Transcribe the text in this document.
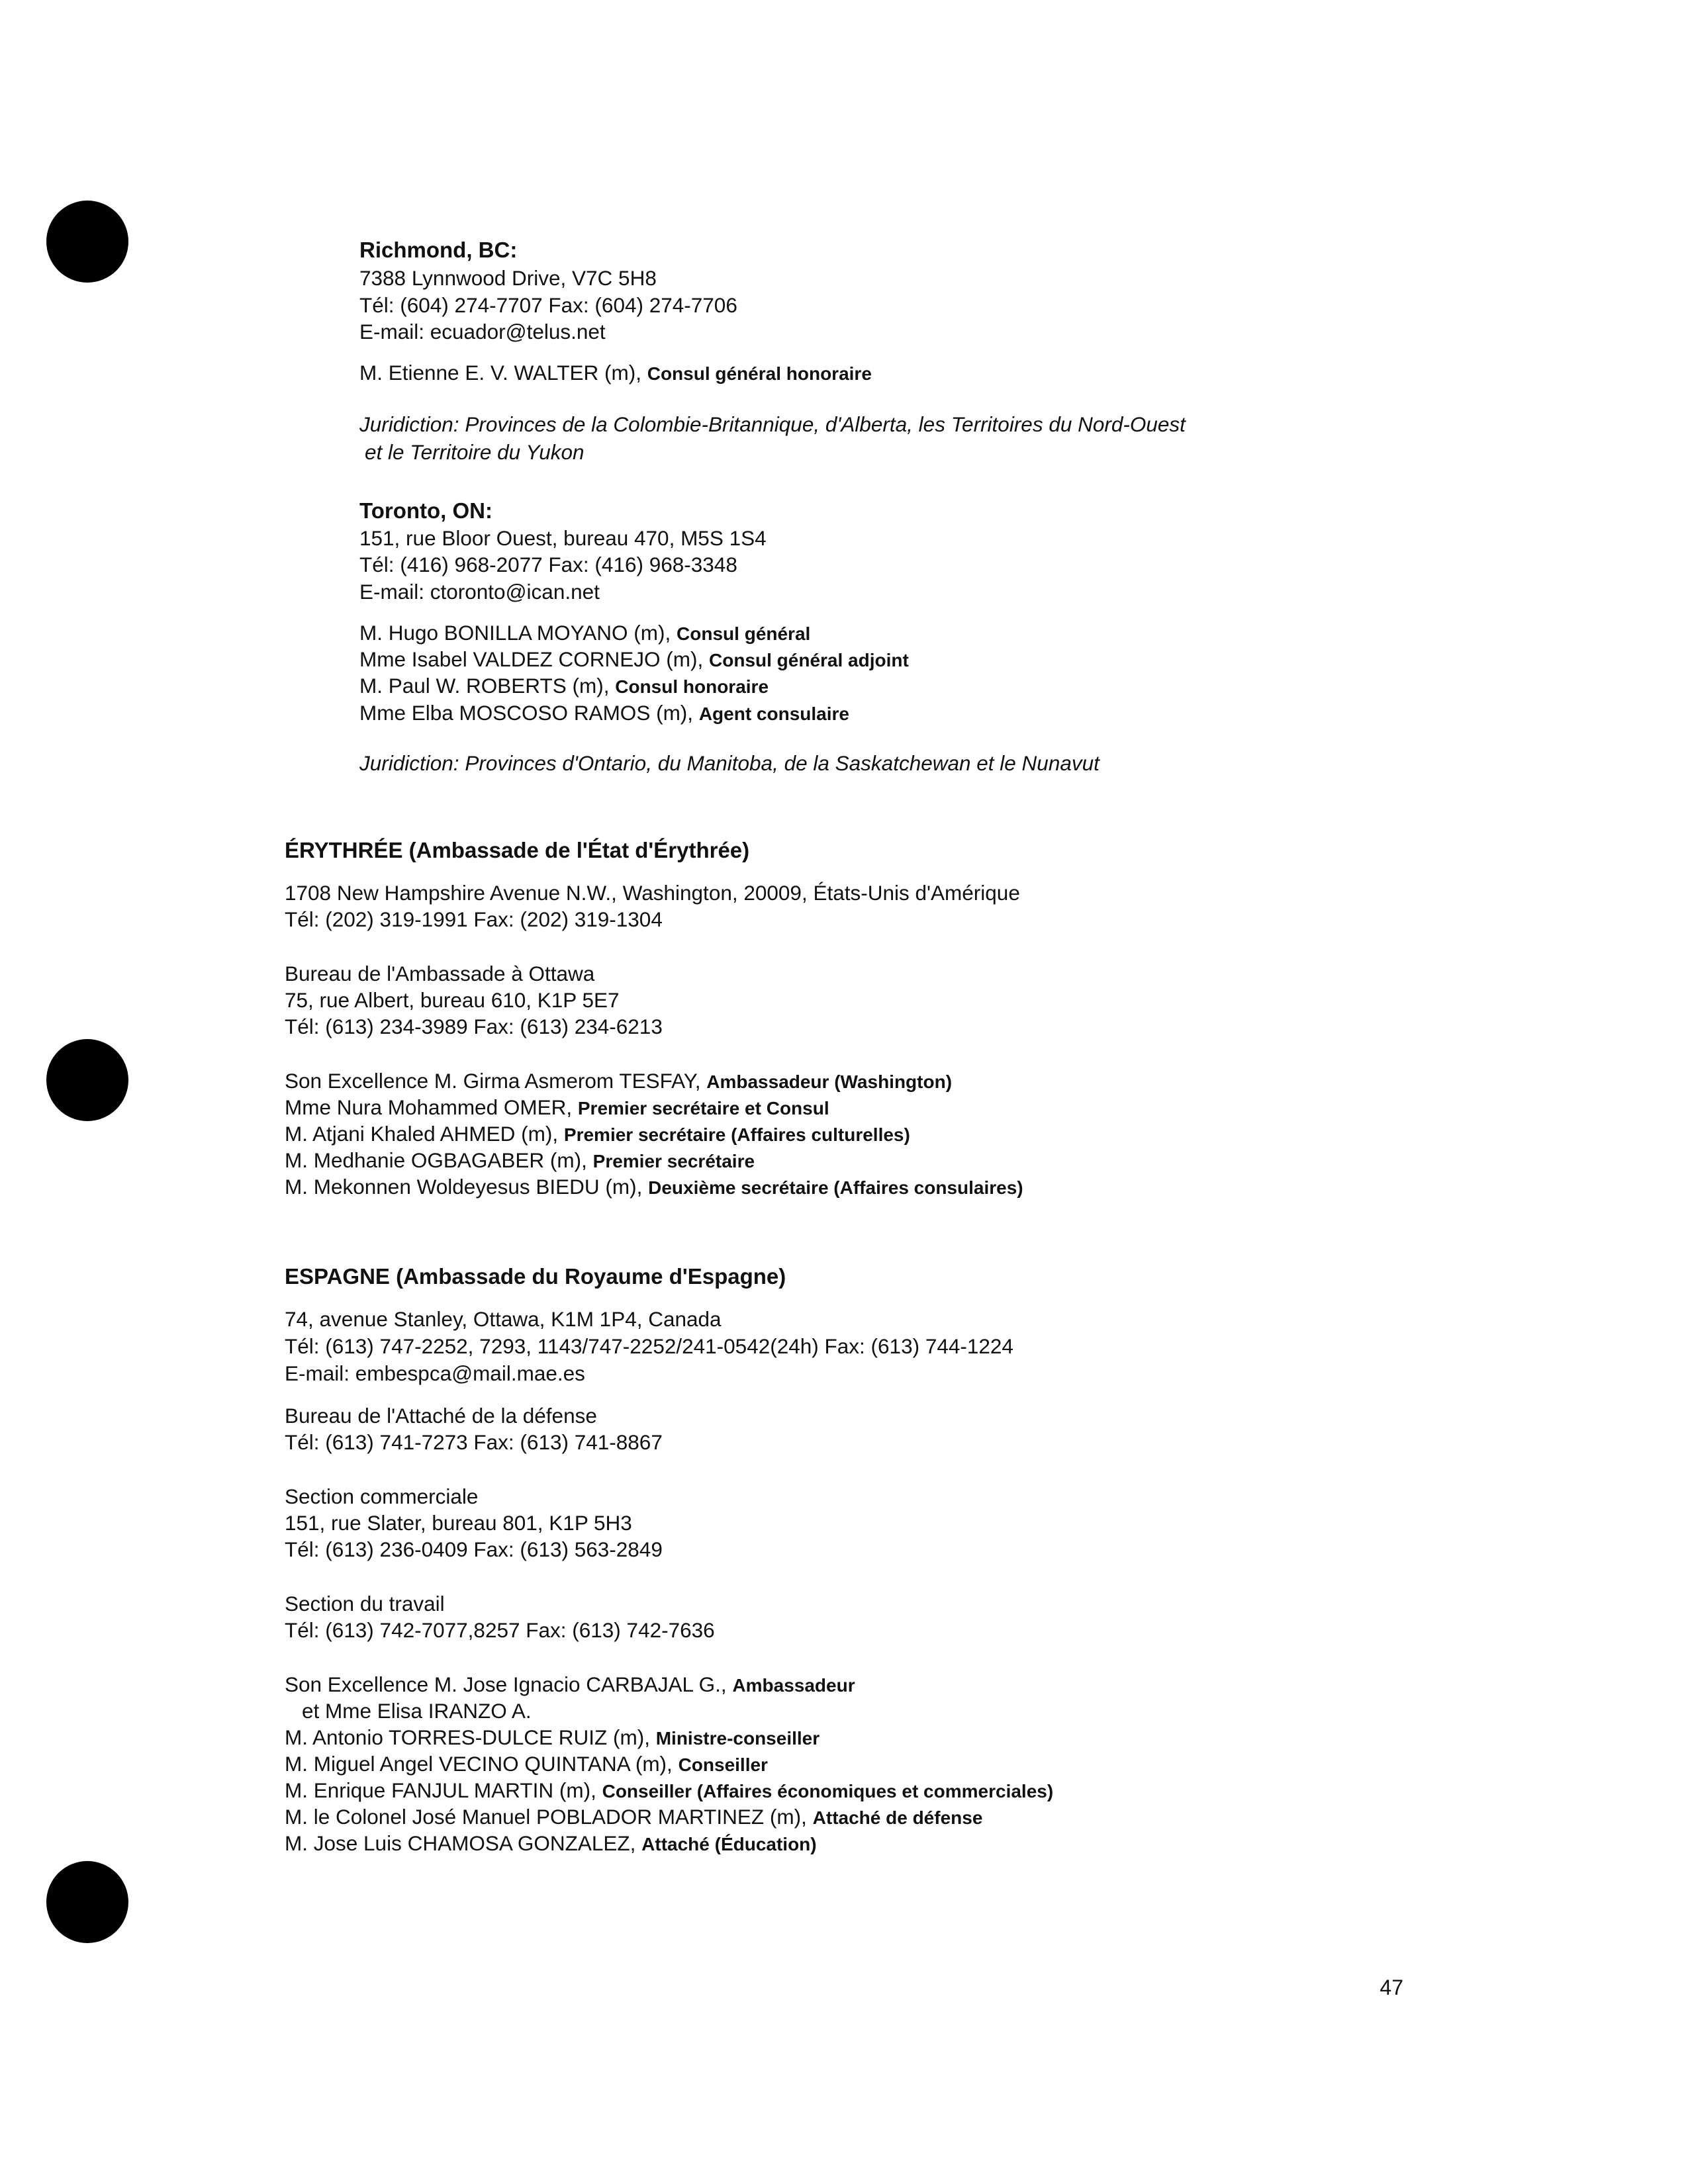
Richmond, BC:
7388 Lynnwood Drive, V7C 5H8
Tél: (604) 274-7707 Fax: (604) 274-7706
E-mail: ecuador@telus.net
M. Etienne E. V. WALTER (m), Consul général honoraire
Juridiction: Provinces de la Colombie-Britannique, d'Alberta, les Territoires du Nord-Ouest
et le Territoire du Yukon
Toronto, ON:
151, rue Bloor Ouest, bureau 470, M5S 1S4
Tél: (416) 968-2077 Fax: (416) 968-3348
E-mail: ctoronto@ican.net
M. Hugo BONILLA MOYANO (m), Consul général
Mme Isabel VALDEZ CORNEJO (m), Consul général adjoint
M. Paul W. ROBERTS (m), Consul honoraire
Mme Elba MOSCOSO RAMOS (m), Agent consulaire
Juridiction: Provinces d'Ontario, du Manitoba, de la Saskatchewan et le Nunavut
ÉRYTHRÉE (Ambassade de l'État d'Érythrée)
1708 New Hampshire Avenue N.W., Washington, 20009, États-Unis d'Amérique
Tél: (202) 319-1991 Fax: (202) 319-1304
Bureau de l'Ambassade à Ottawa
75, rue Albert, bureau 610, K1P 5E7
Tél: (613) 234-3989 Fax: (613) 234-6213
Son Excellence M. Girma Asmerom TESFAY, Ambassadeur (Washington)
Mme Nura Mohammed OMER, Premier secrétaire et Consul
M. Atjani Khaled AHMED (m), Premier secrétaire (Affaires culturelles)
M. Medhanie OGBAGABER (m), Premier secrétaire
M. Mekonnen Woldeyesus BIEDU (m), Deuxième secrétaire (Affaires consulaires)
ESPAGNE (Ambassade du Royaume d'Espagne)
74, avenue Stanley, Ottawa, K1M 1P4, Canada
Tél: (613) 747-2252, 7293, 1143/747-2252/241-0542(24h) Fax: (613) 744-1224
E-mail: embespca@mail.mae.es
Bureau de l'Attaché de la défense
Tél: (613) 741-7273 Fax: (613) 741-8867
Section commerciale
151, rue Slater, bureau 801, K1P 5H3
Tél: (613) 236-0409 Fax: (613) 563-2849
Section du travail
Tél: (613) 742-7077,8257 Fax: (613) 742-7636
Son Excellence M. Jose Ignacio CARBAJAL G., Ambassadeur
et Mme Elisa IRANZO A.
M. Antonio TORRES-DULCE RUIZ (m), Ministre-conseiller
M. Miguel Angel VECINO QUINTANA (m), Conseiller
M. Enrique FANJUL MARTIN (m), Conseiller (Affaires économiques et commerciales)
M. le Colonel José Manuel POBLADOR MARTINEZ (m), Attaché de défense
M. Jose Luis CHAMOSA GONZALEZ, Attaché (Éducation)
47
